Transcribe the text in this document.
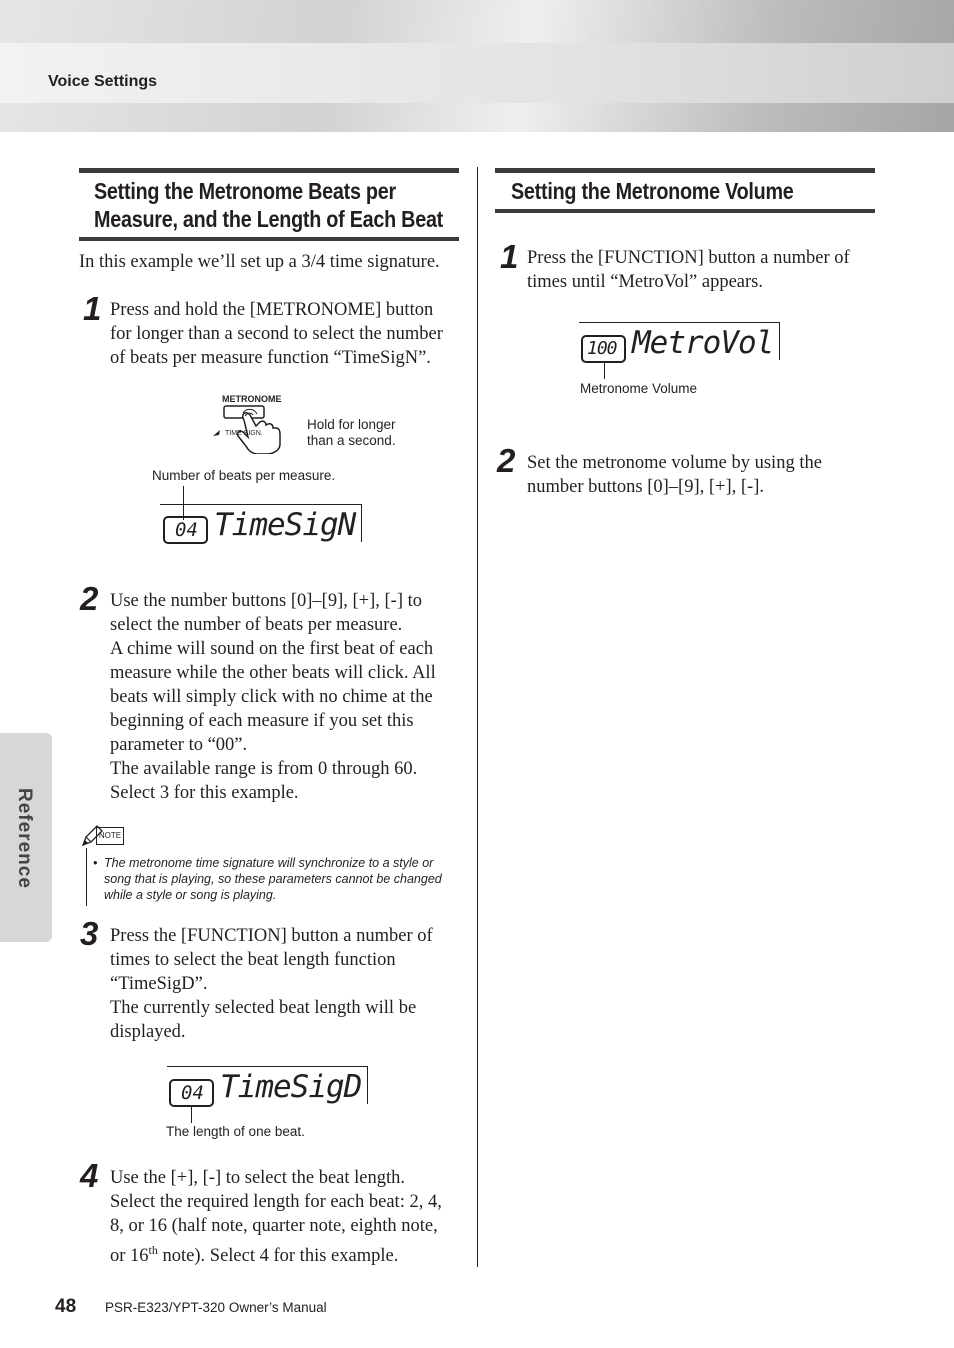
Voice Settings
Reference
Setting the Metronome Beats per
Measure, and the Length of Each Beat
In this example we’ll set up a 3/4 time signature.
1 Press and hold the [METRONOME] button
for longer than a second to select the number
of beats per measure function “TimeSigN”.
METRONOME
TIME SIGN.
Hold for longer
than a second.
Number of beats per measure.
04 TimeSigN
2 Use the number buttons [0]–[9], [+], [-] to
select the number of beats per measure.
A chime will sound on the first beat of each
measure while the other beats will click. All
beats will simply click with no chime at the
beginning of each measure if you set this
parameter to “00”.
The available range is from 0 through 60.
Select 3 for this example.
NOTE
• The metronome time signature will synchronize to a style or
song that is playing, so these parameters cannot be changed
while a style or song is playing.
3 Press the [FUNCTION] button a number of
times to select the beat length function
“TimeSigD”.
The currently selected beat length will be
displayed.
04 TimeSigD
The length of one beat.
4 Use the [+], [-] to select the beat length.
Select the required length for each beat: 2, 4,
8, or 16 (half note, quarter note, eighth note,
or 16th note). Select 4 for this example.
Setting the Metronome Volume
1 Press the [FUNCTION] button a number of
times until “MetroVol” appears.
100 MetroVol
Metronome Volume
2 Set the metronome volume by using the
number buttons [0]–[9], [+], [-].
48 PSR-E323/YPT-320 Owner’s Manual
